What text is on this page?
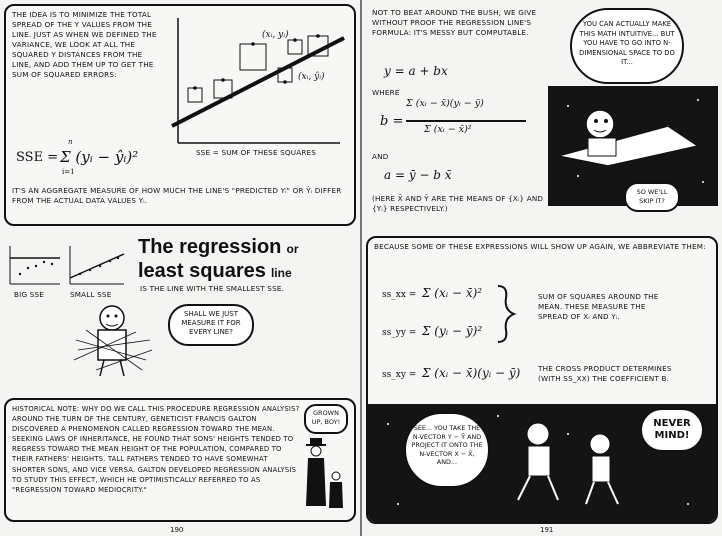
THE IDEA IS TO MINIMIZE THE TOTAL SPREAD OF THE Y VALUES FROM THE LINE. JUST AS WHEN WE DEFINED THE VARIANCE, WE LOOK AT ALL THE SQUARED Y DISTANCES FROM THE LINE, AND ADD THEM UP TO GET THE SUM OF SQUARED ERRORS:
SSE =
n
Σ (yᵢ − ŷᵢ)²
i=1
(xᵢ, yᵢ)
(xᵢ, ŷᵢ)
SSE = SUM OF THESE SQUARES
IT'S AN AGGREGATE MEASURE OF HOW MUCH THE LINE'S "PREDICTED Yᵢ" OR Ŷᵢ DIFFER FROM THE ACTUAL DATA VALUES Yᵢ.
BIG SSE	SMALL SSE
The regression or
least squares line
IS THE LINE WITH THE SMALLEST SSE.
SHALL WE JUST MEASURE IT FOR EVERY LINE?
HISTORICAL NOTE: WHY DO WE CALL THIS PROCEDURE REGRESSION ANALYSIS? AROUND THE TURN OF THE CENTURY, GENETICIST FRANCIS GALTON DISCOVERED A PHENOMENON CALLED REGRESSION TOWARD THE MEAN. SEEKING LAWS OF INHERITANCE, HE FOUND THAT SONS' HEIGHTS TENDED TO REGRESS TOWARD THE MEAN HEIGHT OF THE POPULATION, COMPARED TO THEIR FATHERS' HEIGHTS. TALL FATHERS TENDED TO HAVE SOMEWHAT SHORTER SONS, AND VICE VERSA. GALTON DEVELOPED REGRESSION ANALYSIS TO STUDY THIS EFFECT, WHICH HE OPTIMISTICALLY REFERRED TO AS "REGRESSION TOWARD MEDIOCRITY."
GROWN UP, BOY!
190
NOT TO BEAT AROUND THE BUSH, WE GIVE WITHOUT PROOF THE REGRESSION LINE'S FORMULA: IT'S MESSY BUT COMPUTABLE.
y = a + bx
WHERE
b =
Σ (xᵢ − x̄)(yᵢ − ȳ)
Σ (xᵢ − x̄)²
AND
a = ȳ − b x̄
(HERE X̄ AND Ȳ ARE THE MEANS OF {Xᵢ} AND {Yᵢ} RESPECTIVELY.)
YOU CAN ACTUALLY MAKE THIS MATH INTUITIVE... BUT YOU HAVE TO GO INTO N-DIMENSIONAL SPACE TO DO IT...
SO WE'LL SKIP IT?
BECAUSE SOME OF THESE EXPRESSIONS WILL SHOW UP AGAIN, WE ABBREVIATE THEM:
ss_xx = Σ (xᵢ − x̄)²
ss_yy = Σ (yᵢ − ȳ)²
SUM OF SQUARES AROUND THE MEAN. THESE MEASURE THE SPREAD OF Xᵢ AND Yᵢ.
ss_xy = Σ (xᵢ − x̄)(yᵢ − ȳ) THE CROSS PRODUCT DETERMINES (WITH SS_XX) THE COEFFICIENT B.
SEE... YOU TAKE THE N-VECTOR Y − Ȳ AND PROJECT IT ONTO THE N-VECTOR X − X̄, AND...
NEVER MIND!
191
